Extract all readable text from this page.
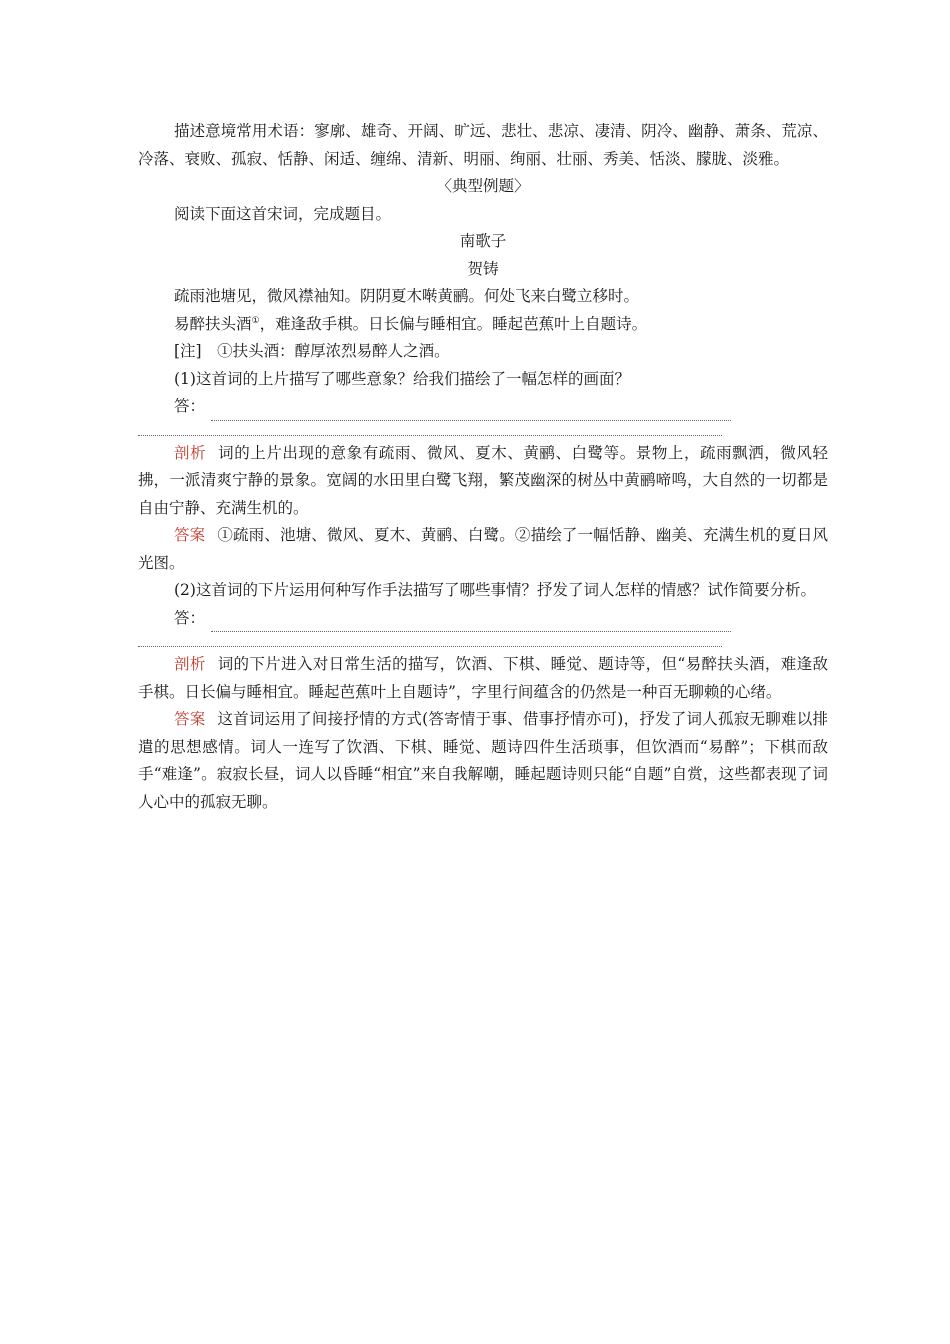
描述意境常用术语：寥廓、雄奇、开阔、旷远、悲壮、悲凉、凄清、阴冷、幽静、萧条、荒凉、冷落、衰败、孤寂、恬静、闲适、缠绵、清新、明丽、绚丽、壮丽、秀美、恬淡、朦胧、淡雅。

〈典型例题〉

阅读下面这首宋词，完成题目。

南歌子

贺铸

疏雨池塘见，微风襟袖知。阴阴夏木啭黄鹂。何处飞来白鹭立移时。

易醉扶头酒①，难逢敌手棋。日长偏与睡相宜。睡起芭蕉叶上自题诗。

[注]　①扶头酒：醇厚浓烈易醉人之酒。

(1)这首词的上片描写了哪些意象？给我们描绘了一幅怎样的画面？

答：

剖析 词的上片出现的意象有疏雨、微风、夏木、黄鹂、白鹭等。景物上，疏雨飘洒，微风轻拂，一派清爽宁静的景象。宽阔的水田里白鹭飞翔，繁茂幽深的树丛中黄鹂啼鸣，大自然的一切都是自由宁静、充满生机的。

答案 ①疏雨、池塘、微风、夏木、黄鹂、白鹭。②描绘了一幅恬静、幽美、充满生机的夏日风光图。

(2)这首词的下片运用何种写作手法描写了哪些事情？抒发了词人怎样的情感？试作简要分析。

答：

剖析 词的下片进入对日常生活的描写，饮酒、下棋、睡觉、题诗等，但“易醉扶头酒，难逢敌手棋。日长偏与睡相宜。睡起芭蕉叶上自题诗”，字里行间蕴含的仍然是一种百无聊赖的心绪。

答案 这首词运用了间接抒情的方式(答寄情于事、借事抒情亦可)，抒发了词人孤寂无聊难以排遣的思想感情。词人一连写了饮酒、下棋、睡觉、题诗四件生活琐事，但饮酒而“易醉”；下棋而敌手“难逢”。寂寂长昼，词人以昏睡“相宜”来自我解嘲，睡起题诗则只能“自题”自赏，这些都表现了词人心中的孤寂无聊。
